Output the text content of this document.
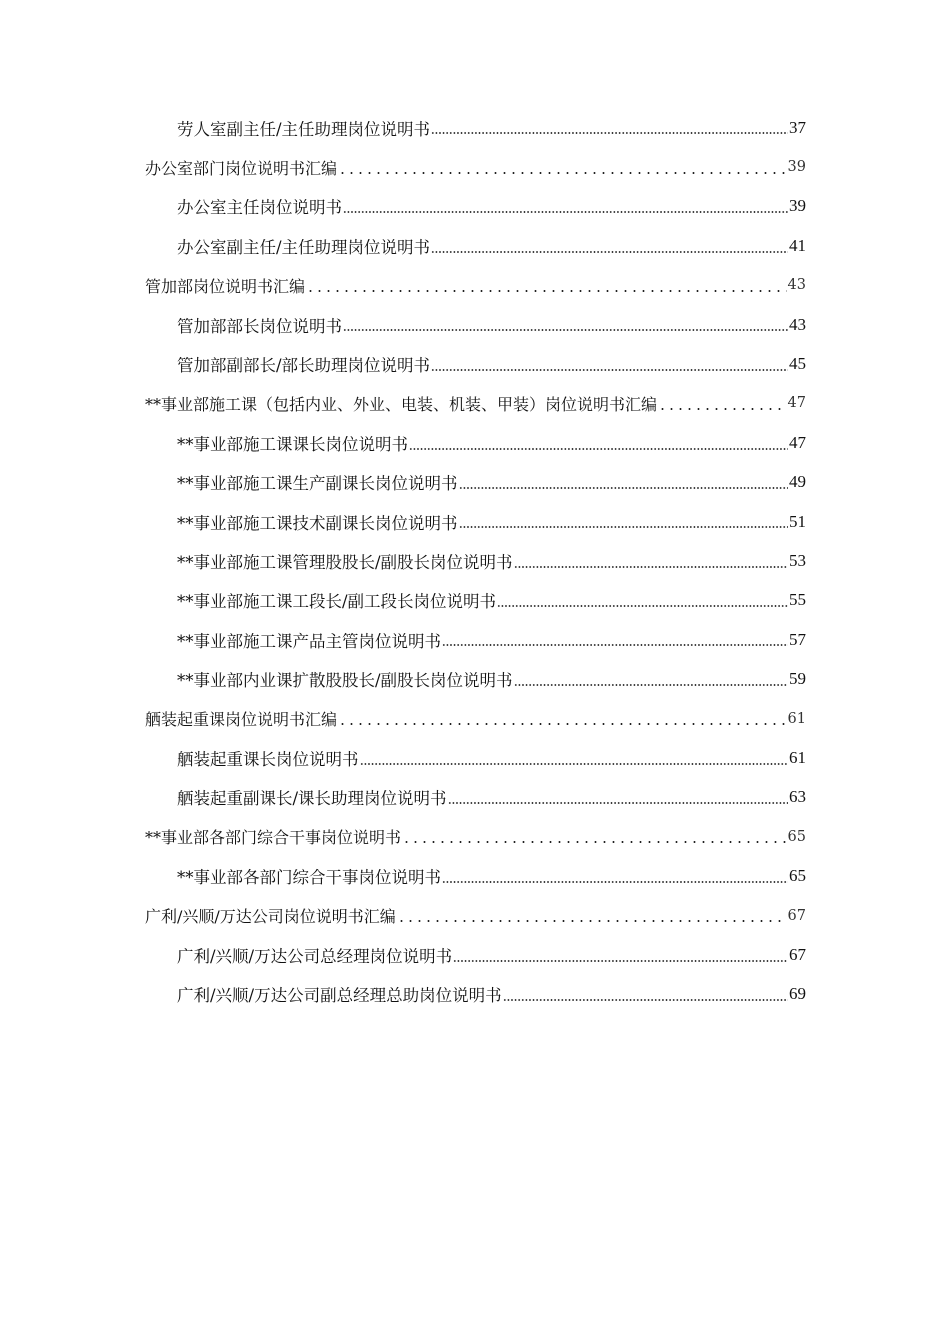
劳人室副主任/主任助理岗位说明书	37
办公室部门岗位说明书汇编	39
办公室主任岗位说明书	39
办公室副主任/主任助理岗位说明书	41
管加部岗位说明书汇编	43
管加部部长岗位说明书	43
管加部副部长/部长助理岗位说明书	45
**事业部施工课（包括内业、外业、电装、机装、甲装）岗位说明书汇编	47
**事业部施工课课长岗位说明书	47
**事业部施工课生产副课长岗位说明书	49
**事业部施工课技术副课长岗位说明书	51
**事业部施工课管理股股长/副股长岗位说明书	53
**事业部施工课工段长/副工段长岗位说明书	55
**事业部施工课产品主管岗位说明书	57
**事业部内业课扩散股股长/副股长岗位说明书	59
舾装起重课岗位说明书汇编	61
舾装起重课长岗位说明书	61
舾装起重副课长/课长助理岗位说明书	63
**事业部各部门综合干事岗位说明书	65
**事业部各部门综合干事岗位说明书	65
广利/兴顺/万达公司岗位说明书汇编	67
广利/兴顺/万达公司总经理岗位说明书	67
广利/兴顺/万达公司副总经理总助岗位说明书	69
